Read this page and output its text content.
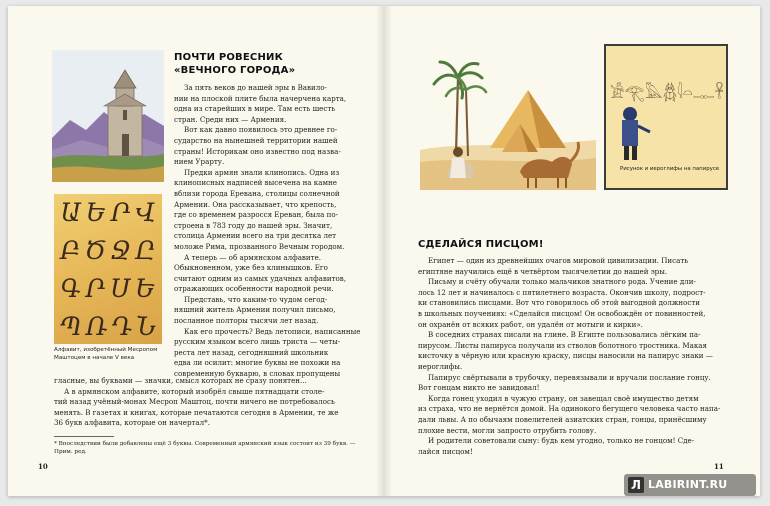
Ա Ե Ր Վ
Բ Ծ Ջ Ը
Գ Ր Ս Ե
Պ Ռ Դ Ն
Алфавит, изобретённый Месропом
Маштоцем в начале V века
ПОЧТИ РОВЕСНИК
«ВЕЧНОГО ГОРОДА»

За пять веков до нашей эры в Вавило-

нии на плоской плите была начерчена карта,

одна из старейших в мире. Там есть шесть

стран. Среди них — Армения.

Вот как давно появилось это древнее го-

сударство на нынешней территории нашей

страны! Историкам оно известно под назва-

нием Урарту.

Предки армян знали клинопись. Одна из

клинописных надписей высечена на камне

вблизи города Еревана, столицы солнечной

Армении. Она рассказывает, что крепость,

где со временем разросся Ереван, была по-

строена в 783 году до нашей эры. Значит,

столица Армении всего на три десятка лет

моложе Рима, прозванного Вечным городом.

А теперь — об армянском алфавите.

Обыкновенном, уже без клинышков. Его

считают одним из самых удачных алфавитов,

отражающих особенности народной речи.

Представь, что каким-то чудом сегод-

няшний житель Армении получил письмо,

посланное полторы тысячи лет назад.

Как его прочесть? Ведь летописи, написанные

русским языком всего лишь триста — четы-

реста лет назад, сегодняшний школьник

едва ли осилит: многие буквы не похожи на

современную букварю, в словах пропущены

гласные, вы буквами — значки, смысл которых не сразу понятен...

А в армянском алфавите, который изобрёл свыше пятнадцати столе-

тий назад учёный-монах Месроп Маштоц, почти ничего не потребовалось

менять. В газетах и книгах, которые печатаются сегодня в Армении, те же

36 букв алфавита, которые он начертал*.

* Впоследствии были добавлены ещё 3 буквы. Современный армянский язык состоит из 39 букв. —

Прим. ред.

10
𓀀 𓂀 𓅓 𓆣 𓇋 𓏏 𓊃 𓋹
Рисунок и иероглифы на папирусе
СДЕЛАЙСЯ ПИСЦОМ!

Египет — один из древнейших очагов мировой цивилизации. Писать

египтяне научились ещё в четвёртом тысячелетии до нашей эры.

Письму и счёту обучали только мальчиков знатного рода. Учение дли-

лось 12 лет и начиналось с пятилетнего возраста. Окончив школу, подрост-

ки становились писцами. Вот что говорилось об этой выгодной должности

в школьных поучениях: «Сделайся писцом! Он освобождён от повинностей,

он охранён от всяких работ, он удалён от мотыги и кирки».

В соседних странах писали на глине. В Египте пользовались лёгким па-

пирусом. Листы папируса получали из стволов болотного тростника. Макая

кисточку в чёрную или красную краску, писцы наносили на папирус знаки —

иероглифы.

Папирус свёртывали в трубочку, перевязывали и вручали послание гонцу.

Вот гонцам никто не завидовал!

Когда гонец уходил в чужую страну, он завещал своё имущество детям

из страха, что не вернётся домой. На одинокого бегущего человека часто напа-

дали львы. А по обычаям повелителей азиатских стран, гонцы, принёсшиму

плохие вести, могли запросто отрубить голову.

И родители советовали сыну: будь кем угодно, только не гонцом! Сде-

лайся писцом!

11
Л LABIRINT.RU
